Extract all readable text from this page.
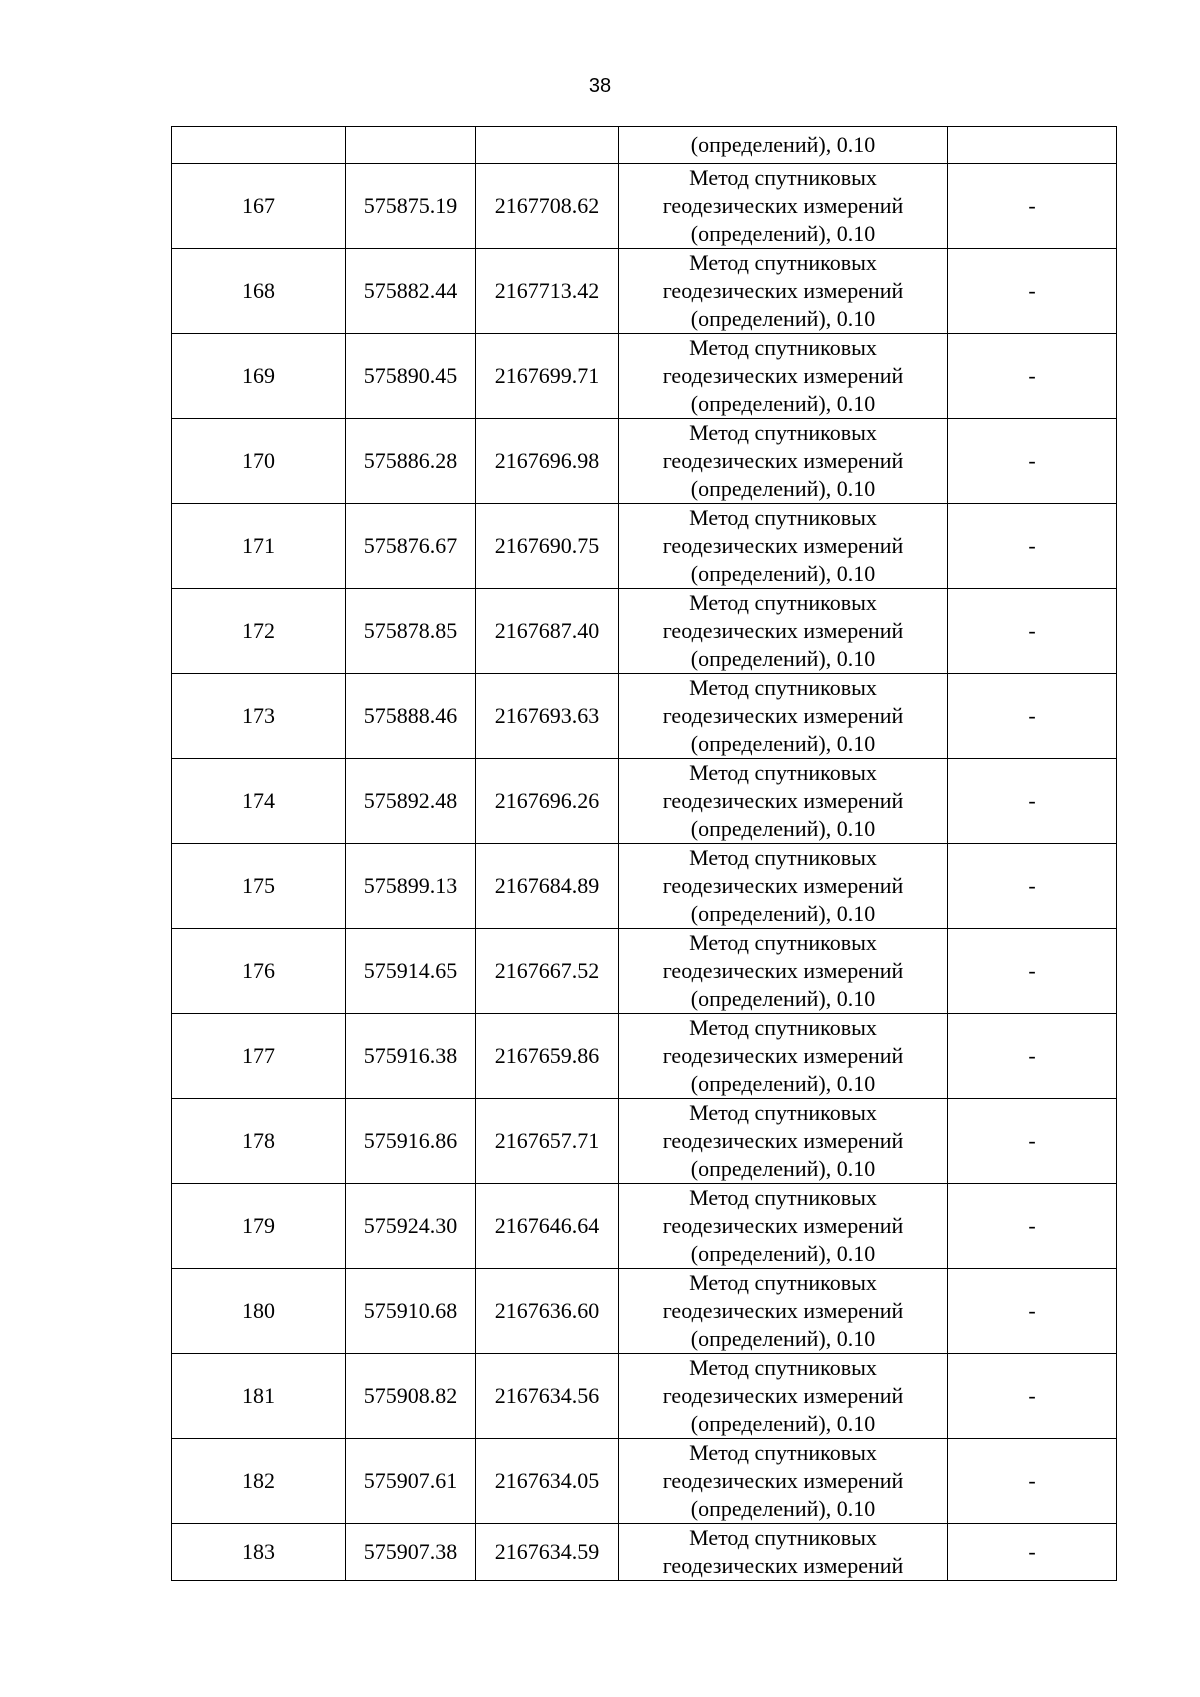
38

			(определений), 0.10	

167	575875.19	2167708.62	Метод спутниковых
геодезических измерений
(определений), 0.10	-
168	575882.44	2167713.42	Метод спутниковых
геодезических измерений
(определений), 0.10	-
169	575890.45	2167699.71	Метод спутниковых
геодезических измерений
(определений), 0.10	-
170	575886.28	2167696.98	Метод спутниковых
геодезических измерений
(определений), 0.10	-
171	575876.67	2167690.75	Метод спутниковых
геодезических измерений
(определений), 0.10	-
172	575878.85	2167687.40	Метод спутниковых
геодезических измерений
(определений), 0.10	-
173	575888.46	2167693.63	Метод спутниковых
геодезических измерений
(определений), 0.10	-
174	575892.48	2167696.26	Метод спутниковых
геодезических измерений
(определений), 0.10	-
175	575899.13	2167684.89	Метод спутниковых
геодезических измерений
(определений), 0.10	-
176	575914.65	2167667.52	Метод спутниковых
геодезических измерений
(определений), 0.10	-
177	575916.38	2167659.86	Метод спутниковых
геодезических измерений
(определений), 0.10	-
178	575916.86	2167657.71	Метод спутниковых
геодезических измерений
(определений), 0.10	-
179	575924.30	2167646.64	Метод спутниковых
геодезических измерений
(определений), 0.10	-
180	575910.68	2167636.60	Метод спутниковых
геодезических измерений
(определений), 0.10	-
181	575908.82	2167634.56	Метод спутниковых
геодезических измерений
(определений), 0.10	-
182	575907.61	2167634.05	Метод спутниковых
геодезических измерений
(определений), 0.10	-
183	575907.38	2167634.59	Метод спутниковых
геодезических измерений	-
